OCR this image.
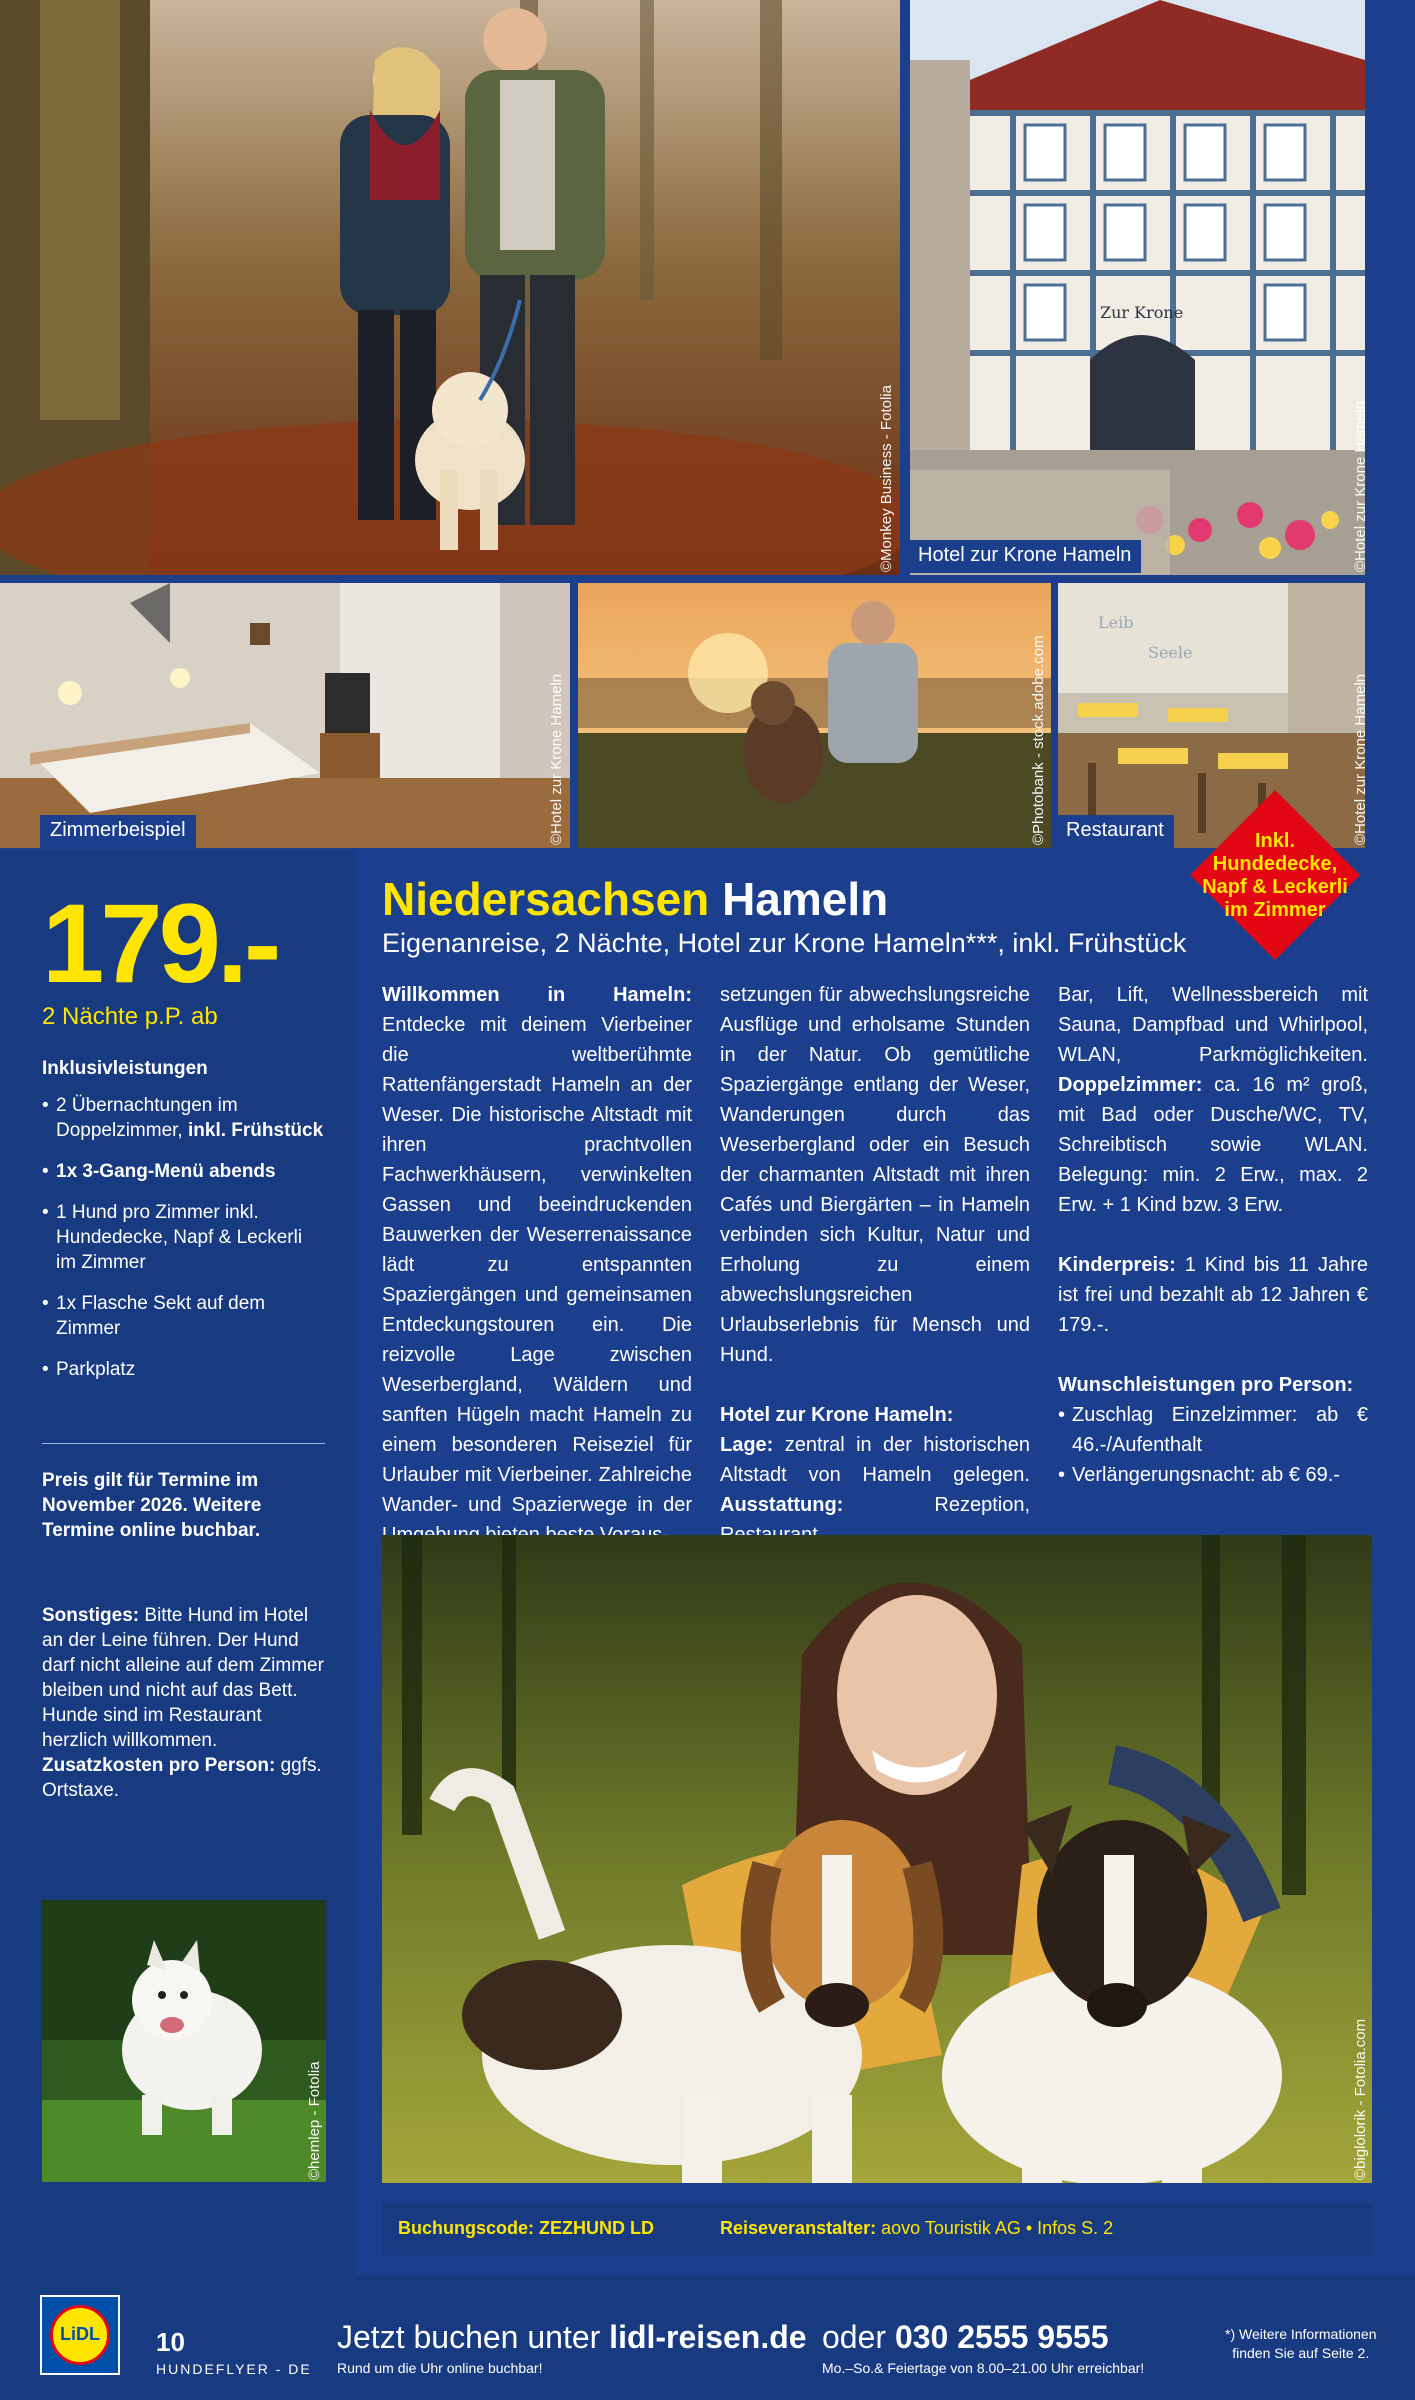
©Monkey Business - Fotolia
Zur Krone
Hotel zur Krone Hameln	©Hotel zur Krone Hameln
Zimmerbeispiel	©Hotel zur Krone Hameln	©Photobank - stock.adobe.com
Leib
Seele
Restaurant	©Hotel zur Krone Hameln
Inkl.
Hundedecke,
Napf & Leckerli
im Zimmer
179.-
2 Nächte p.P. ab
Inklusivleistungen
• 2 Übernachtungen im Doppelzimmer, inkl. Frühstück
• 1x 3-Gang-Menü abends
• 1 Hund pro Zimmer inkl. Hundedecke, Napf & Leckerli im Zimmer
• 1x Flasche Sekt auf dem Zimmer
• Parkplatz
Preis gilt für Termine im November 2026. Weitere Termine online buchbar.
Sonstiges: Bitte Hund im Hotel an der Leine führen. Der Hund darf nicht alleine auf dem Zimmer bleiben und nicht auf das Bett. Hunde sind im Restaurant herzlich willkommen. Zusatzkosten pro Person: ggfs. Ortstaxe.
©hemlep - Fotolia
Niedersachsen Hameln
Eigenanreise, 2 Nächte, Hotel zur Krone Hameln***, inkl. Frühstück

Willkommen in Hameln: Entdecke mit deinem Vierbeiner die weltberühmte Rattenfängerstadt Hameln an der Weser. Die historische Altstadt mit ihren prachtvollen Fachwerkhäusern, verwinkelten Gassen und beeindruckenden Bauwerken der Weserrenaissance lädt zu entspannten Spaziergängen und gemeinsamen Entdeckungstouren ein. Die reizvolle Lage zwischen Weserbergland, Wäldern und sanften Hügeln macht Hameln zu einem besonderen Reiseziel für Urlauber mit Vierbeiner. Zahlreiche Wander- und Spazierwege in der

setzungen für abwechslungsreiche Ausflüge und erholsame Stunden in der Natur. Ob gemütliche Spaziergänge entlang der Weser, Wanderungen durch das Weserbergland oder ein Besuch der charmanten Altstadt mit ihren Cafés und Biergärten – in Hameln verbinden sich Kultur, Natur und Erholung zu einem abwechslungsreichen Urlaubserlebnis für Mensch und Hund.

Hotel zur Krone Hameln:
Lage: zentral in der historischen Altstadt von Hameln gelegen. Ausstattung:	Rezeption,

Bar, Lift, Wellnessbereich mit Sauna, Dampfbad und Whirlpool, WLAN, Parkmöglichkeiten. Doppelzimmer: ca. 16 m² groß, mit Bad oder Dusche/WC, TV, Schreibtisch sowie WLAN. Belegung: min. 2 Erw., max. 2 Erw. + 1 Kind bzw. 3 Erw.

Kinderpreis: 1 Kind bis 11 Jahre ist frei und bezahlt ab 12 Jahren € 179.-.

Wunschleistungen pro Person:

• Zuschlag Einzelzimmer: ab € 46.-/Aufenthalt
• Verlängerungsnacht: ab € 69.-
©biglolorik - Fotolia.com
Buchungscode: ZEZHUND LD	Reiseveranstalter: aovo Touristik AG • Infos S. 2
LiDL	10
HUNDEFLYER - DE
Jetzt buchen unter lidl-reisen.de
Rund um die Uhr online buchbar!
oder 030 2555 9555
Mo.–So.& Feiertage von 8.00–21.00 Uhr erreichbar!
*) Weitere Informationen
finden Sie auf Seite 2.
